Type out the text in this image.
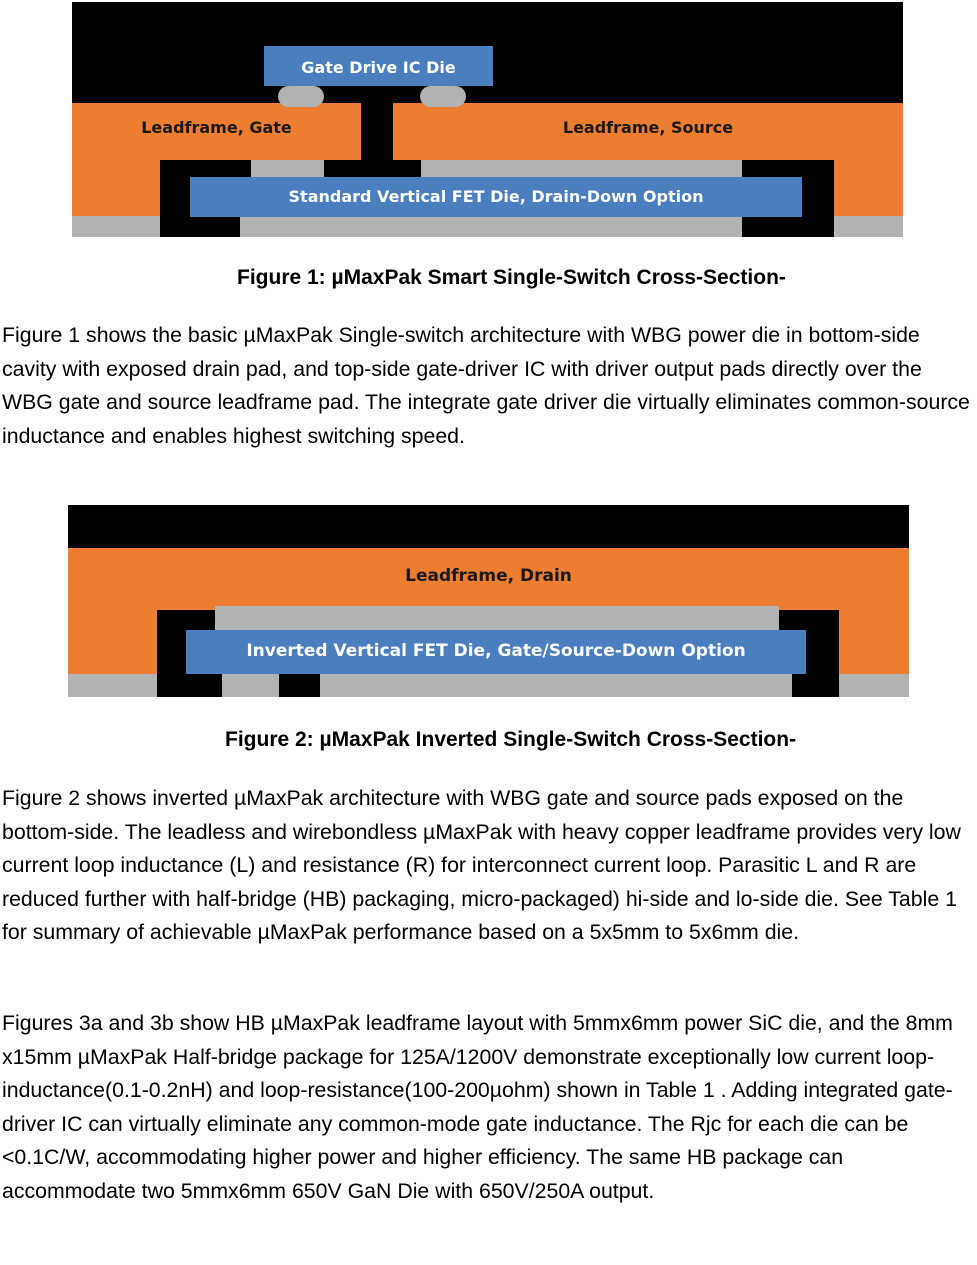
Gate Drive IC Die
Standard Vertical FET Die, Drain-Down Option
Leadframe, Gate	Leadframe, Source
Figure 1: µMaxPak Smart Single-Switch Cross-Section-

Figure 1 shows the basic µMaxPak Single-switch architecture with WBG power die in bottom-side cavity with exposed drain pad, and top-side gate-driver IC with driver output pads directly over the WBG gate and source leadframe pad. The integrate gate driver die virtually eliminates common-source inductance and enables highest switching speed.

Inverted Vertical FET Die, Gate/Source-Down Option
Leadframe, Drain
Figure 2: µMaxPak Inverted Single-Switch Cross-Section-

Figure 2 shows inverted µMaxPak architecture with WBG gate and source pads exposed on the bottom-side. The leadless and wirebondless µMaxPak with heavy copper leadframe provides very low current loop inductance (L) and resistance (R) for interconnect current loop. Parasitic L and R are reduced further with half-bridge (HB) packaging, micro-packaged) hi-side and lo-side die. See Table 1 for summary of achievable µMaxPak performance based on a 5x5mm to 5x6mm die.

Figures 3a and 3b show HB µMaxPak leadframe layout with 5mmx6mm power SiC die, and the 8mm x15mm µMaxPak Half-bridge package for 125A/1200V demonstrate exceptionally low current loop-inductance(0.1-0.2nH) and loop-resistance(100-200µohm) shown in Table 1 . Adding integrated gate-driver IC can virtually eliminate any common-mode gate inductance. The Rjc for each die can be <0.1C/W, accommodating higher power and higher efficiency. The same HB package can accommodate two 5mmx6mm 650V GaN Die with 650V/250A output.
